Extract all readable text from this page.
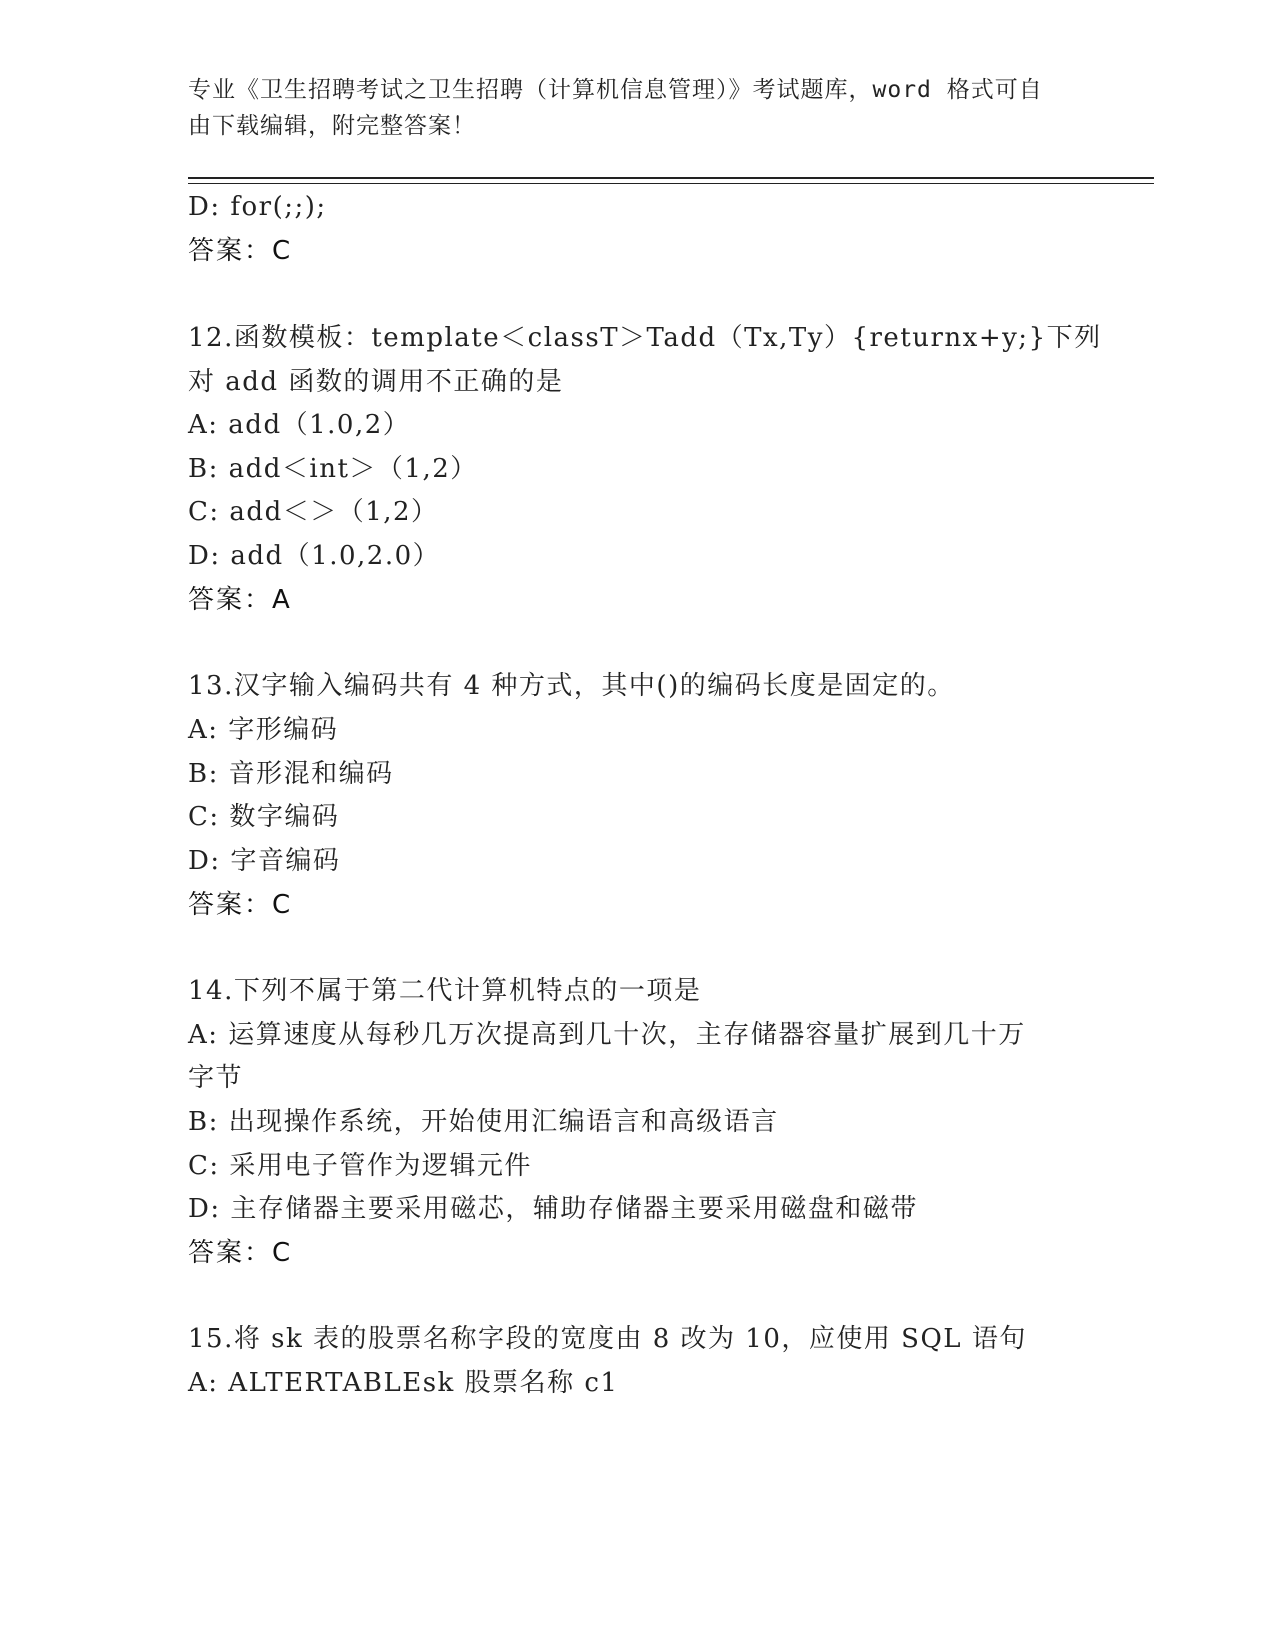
专业《卫生招聘考试之卫生招聘（计算机信息管理）》考试题库，word 格式可自
由下载编辑，附完整答案！
D: for(;;);
答案：C
12.函数模板：template＜classT＞Tadd（Tx,Ty）{returnx+y;}下列
对 add 函数的调用不正确的是
A: add（1.0,2）
B: add＜int＞（1,2）
C: add＜＞（1,2）
D: add（1.0,2.0）
答案：A
13.汉字输入编码共有 4 种方式，其中()的编码长度是固定的。
A: 字形编码
B: 音形混和编码
C: 数字编码
D: 字音编码
答案：C
14.下列不属于第二代计算机特点的一项是
A: 运算速度从每秒几万次提高到几十次，主存储器容量扩展到几十万
字节
B: 出现操作系统，开始使用汇编语言和高级语言
C: 采用电子管作为逻辑元件
D: 主存储器主要采用磁芯，辅助存储器主要采用磁盘和磁带
答案：C
15.将 sk 表的股票名称字段的宽度由 8 改为 10，应使用 SQL 语句
A: ALTERTABLEsk 股票名称 c1
